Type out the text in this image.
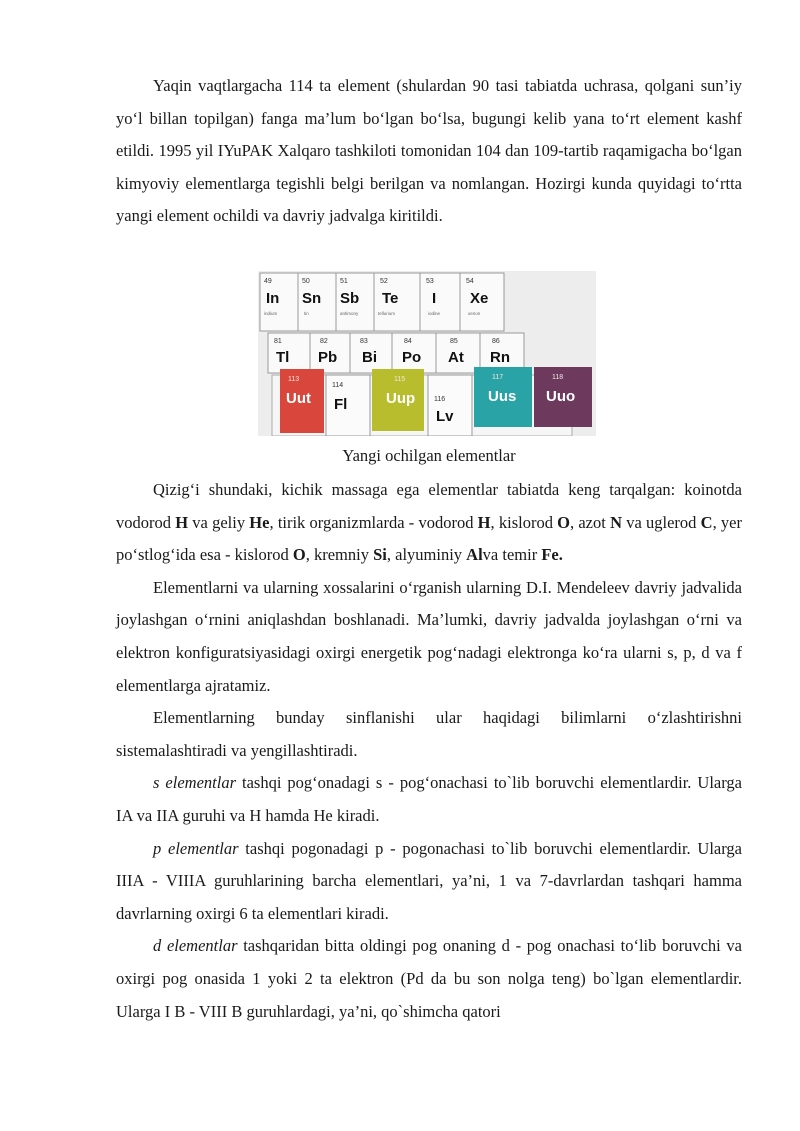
Yaqin vaqtlargacha 114 ta element (shulardan 90 tasi tabiatda uchrasa, qolgani sun’iy yo‘l billan topilgan) fanga ma’lum bo‘lgan bo‘lsa, bugungi kelib yana to‘rt element kashf etildi. 1995 yil IYuPAK Xalqaro tashkiloti tomonidan 104 dan 109-tartib raqamigacha bo‘lgan kimyoviy elementlarga tegishli belgi berilgan va nomlangan. Hozirgi kunda quyidagi to‘rtta yangi element ochildi va davriy jadvalga kiritildi.

49
In
indium
50
Sn
tin
51
Sb
antimony
52
Te
tellurium
53
I
iodine
54
Xe
xenon
81
Tl
82
Pb
83
Bi
84
Po
85
At
86
Rn
114
Fl	116
Lv
113
Uut
115
Uup
117
Uus
118
Uuo
Yangi ochilgan elementlar

Qizig‘i shundaki, kichik massaga ega elementlar tabiatda keng tarqalgan: koinotda vodorod H va geliy He, tirik organizmlarda - vodorod H, kislorod O, azot N va uglerod C, yer po‘stlog‘ida esa - kislorod O, kremniy Si, alyuminiy Alva temir Fe.

Elementlarni va ularning xossalarini o‘rganish ularning D.I. Mendeleev davriy jadvalida joylashgan o‘rnini aniqlashdan boshlanadi. Ma’lumki, davriy jadvalda joylashgan o‘rni va elektron konfiguratsiyasidagi oxirgi energetik pog‘nadagi elektronga ko‘ra ularni s, p, d va f elementlarga ajratamiz.

Elementlarning bunday sinflanishi ular haqidagi bilimlarni o‘zlashtirishni sistemalashtiradi va yengillashtiradi.

s elementlar tashqi pog‘onadagi s - pog‘onachasi to`lib boruvchi elementlardir. Ularga IA va IIA guruhi va H hamda He kiradi.

p elementlar tashqi pogonadagi p - pogonachasi to`lib boruvchi elementlardir. Ularga IIIA - VIIIA guruhlarining barcha elementlari, ya’ni, 1 va 7-davrlardan tashqari hamma davrlarning oxirgi 6 ta elementlari kiradi.

d elementlar tashqaridan bitta oldingi pog onaning d - pog onachasi to‘lib boruvchi va oxirgi pog onasida 1 yoki 2 ta elektron (Pd da bu son nolga teng) bo`lgan elementlardir. Ularga I B - VIII B guruhlardagi, ya’ni, qo`shimcha qatori
